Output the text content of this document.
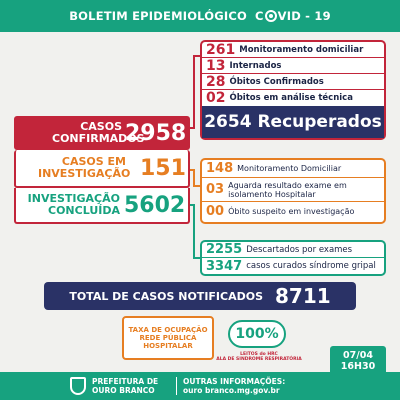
BOLETIM EPIDEMIOLÓGICO C VID - 19
CASOS
CONFIRMADOS
2958
CASOS EM
INVESTIGAÇÃO 151
INVESTIGAÇÃO
CONCLUÍDA 5602
261 Monitoramento domiciliar
13 Internados
28 Óbitos Confirmados
02 Óbitos em análise técnica
2654
Recuperados
148 Monitoramento Domiciliar
03 Aguarda resultado exame em isolamento Hospitalar
00 Óbito suspeito em investigação
2255 Descartados por exames
3347 casos curados síndrome gripal
TOTAL DE CASOS NOTIFICADOS 8711
TAXA DE OCUPAÇÃO REDE PÚBLICA HOSPITALAR
100%
LEITOS do HRC
ALA DE SINDROME RESPIRATÓRIA	07/04
16H30
PREFEITURA DE
OURO BRANCO
OUTRAS INFORMAÇÕES:
ouro branco.mg.gov.br
